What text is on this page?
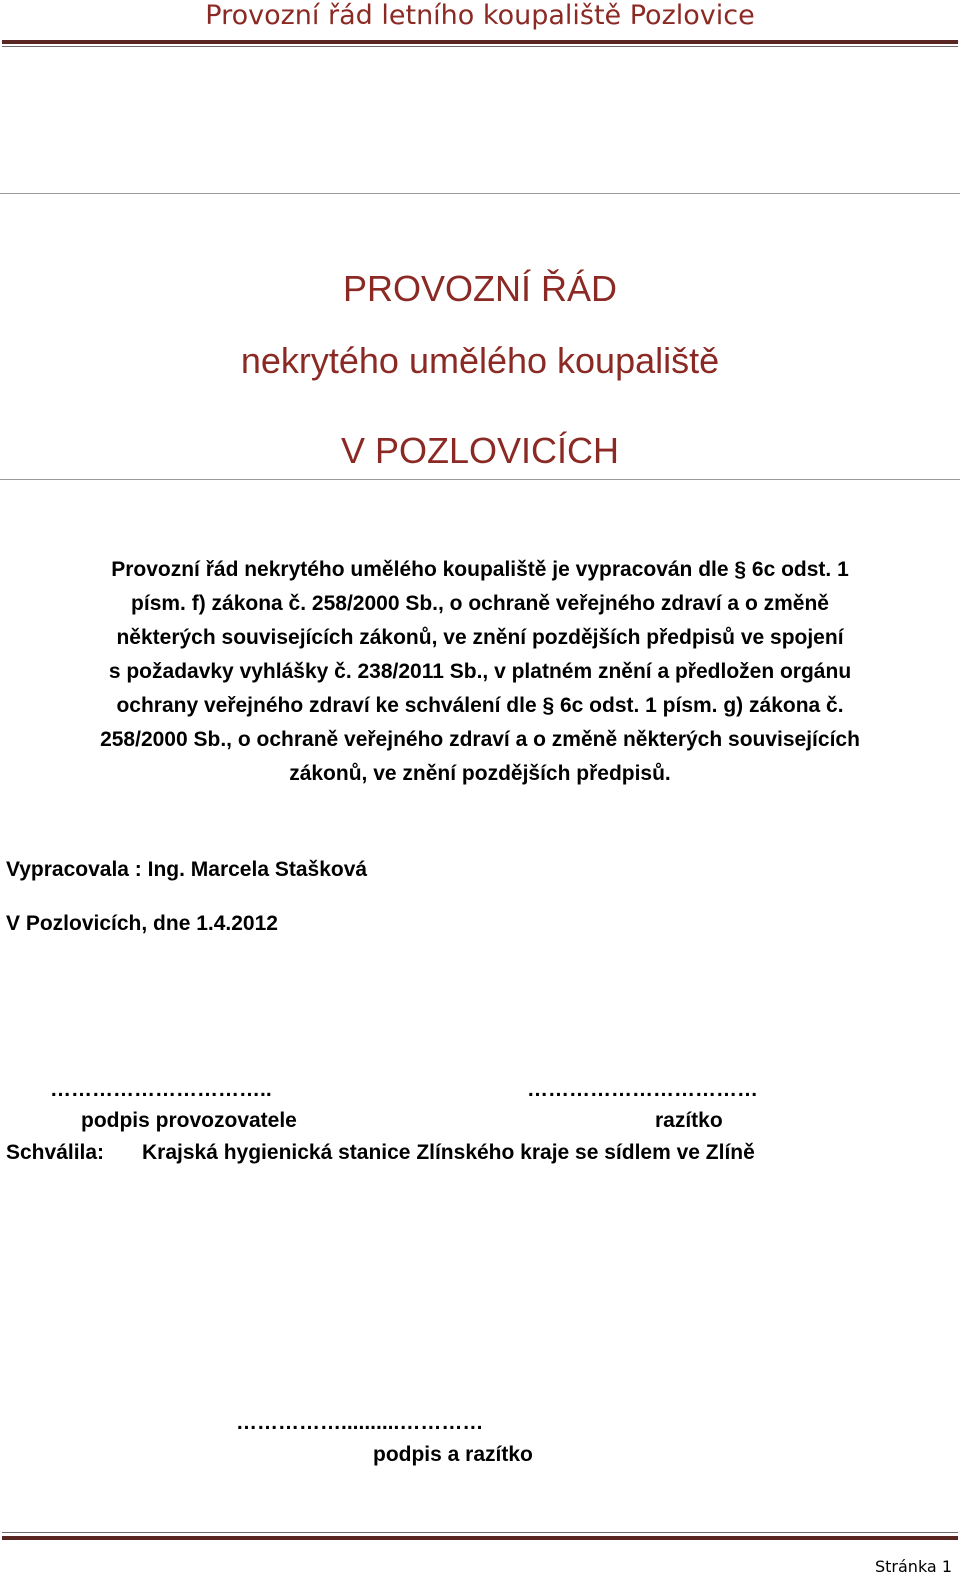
Provozní řád letního koupaliště Pozlovice
PROVOZNÍ ŘÁD
nekrytého umělého koupaliště
V POZLOVICÍCH
Provozní řád nekrytého umělého koupaliště je vypracován dle § 6c odst. 1
písm. f) zákona č. 258/2000 Sb., o ochraně veřejného zdraví a o změně
některých souvisejících zákonů, ve znění pozdějších předpisů ve spojení
s požadavky vyhlášky č. 238/2011 Sb., v platném znění a předložen orgánu
ochrany veřejného zdraví ke schválení dle § 6c odst. 1 písm. g) zákona č.
258/2000 Sb., o ochraně veřejného zdraví a o změně některých souvisejících
zákonů, ve znění pozdějších předpisů.
Vypracovala : Ing. Marcela Stašková
V Pozlovicích, dne 1.4.2012
…………………………..	……………………………
podpis provozovatele	razítko
Schválila: Krajská hygienická stanice Zlínského kraje se sídlem ve Zlíně
……………..........…………
podpis a razítko
Stránka 1
